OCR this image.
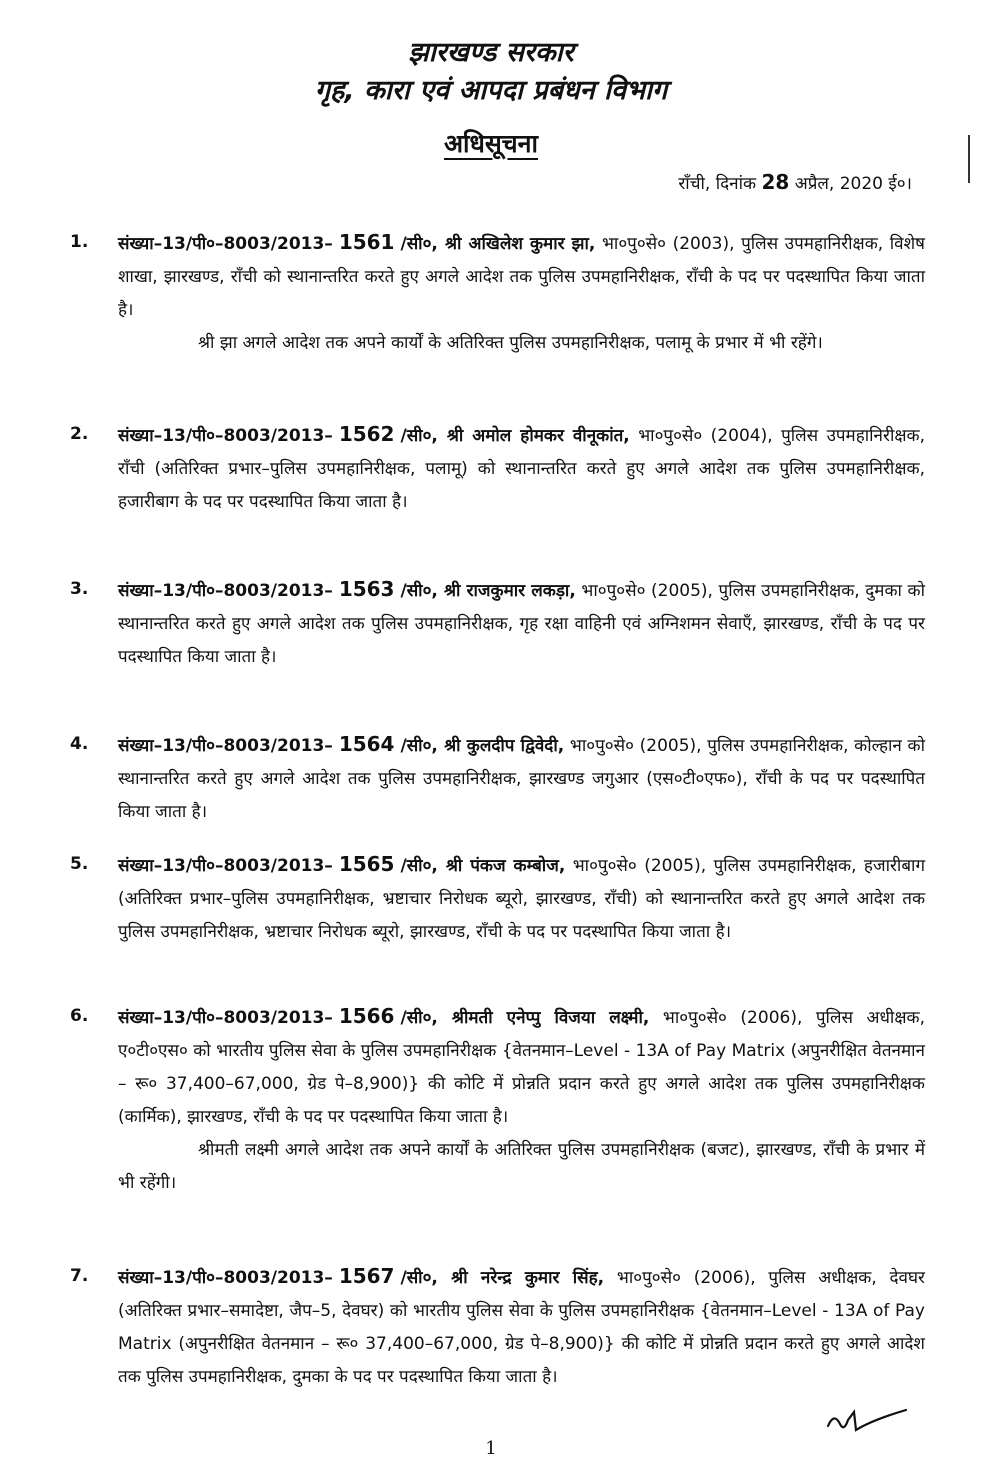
झारखण्ड सरकार
गृह, कारा एवं आपदा प्रबंधन विभाग
अधिसूचना
राँची, दिनांक 28 अप्रैल, 2020 ई०।
1. संख्या–13/पी०–8003/2013– 1561 /सी०, श्री अखिलेश कुमार झा, भा०पु०से० (2003), पुलिस उपमहानिरीक्षक, विशेष शाखा, झारखण्ड, राँची को स्थानान्तरित करते हुए अगले आदेश तक पुलिस उपमहानिरीक्षक, राँची के पद पर पदस्थापित किया जाता है।

श्री झा अगले आदेश तक अपने कार्यों के अतिरिक्त पुलिस उपमहानिरीक्षक, पलामू के प्रभार में भी रहेंगे।

2. संख्या–13/पी०–8003/2013– 1562 /सी०, श्री अमोल होमकर वीनूकांत, भा०पु०से० (2004), पुलिस उपमहानिरीक्षक, राँची (अतिरिक्त प्रभार–पुलिस उपमहानिरीक्षक, पलामू) को स्थानान्तरित करते हुए अगले आदेश तक पुलिस उपमहानिरीक्षक, हजारीबाग के पद पर पदस्थापित किया जाता है।

3. संख्या–13/पी०–8003/2013– 1563 /सी०, श्री राजकुमार लकड़ा, भा०पु०से० (2005), पुलिस उपमहानिरीक्षक, दुमका को स्थानान्तरित करते हुए अगले आदेश तक पुलिस उपमहानिरीक्षक, गृह रक्षा वाहिनी एवं अग्निशमन सेवाएँ, झारखण्ड, राँची के पद पर पदस्थापित किया जाता है।

4. संख्या–13/पी०–8003/2013– 1564 /सी०, श्री कुलदीप द्विवेदी, भा०पु०से० (2005), पुलिस उपमहानिरीक्षक, कोल्हान को स्थानान्तरित करते हुए अगले आदेश तक पुलिस उपमहानिरीक्षक, झारखण्ड जगुआर (एस०टी०एफ०), राँची के पद पर पदस्थापित किया जाता है।

5. संख्या–13/पी०–8003/2013– 1565 /सी०, श्री पंकज कम्बोज, भा०पु०से० (2005), पुलिस उपमहानिरीक्षक, हजारीबाग (अतिरिक्त प्रभार–पुलिस उपमहानिरीक्षक, भ्रष्टाचार निरोधक ब्यूरो, झारखण्ड, राँची) को स्थानान्तरित करते हुए अगले आदेश तक पुलिस उपमहानिरीक्षक, भ्रष्टाचार निरोधक ब्यूरो, झारखण्ड, राँची के पद पर पदस्थापित किया जाता है।

6. संख्या–13/पी०–8003/2013– 1566 /सी०, श्रीमती एनेप्पु विजया लक्ष्मी, भा०पु०से० (2006), पुलिस अधीक्षक, ए०टी०एस० को भारतीय पुलिस सेवा के पुलिस उपमहानिरीक्षक {वेतनमान–Level - 13A of Pay Matrix (अपुनरीक्षित वेतनमान – रू० 37,400–67,000, ग्रेड पे–8,900)} की कोटि में प्रोन्नति प्रदान करते हुए अगले आदेश तक पुलिस उपमहानिरीक्षक (कार्मिक), झारखण्ड, राँची के पद पर पदस्थापित किया जाता है।

श्रीमती लक्ष्मी अगले आदेश तक अपने कार्यों के अतिरिक्त पुलिस उपमहानिरीक्षक (बजट), झारखण्ड, राँची के प्रभार में भी रहेंगी।

7. संख्या–13/पी०–8003/2013– 1567 /सी०, श्री नरेन्द्र कुमार सिंह, भा०पु०से० (2006), पुलिस अधीक्षक, देवघर (अतिरिक्त प्रभार–समादेष्टा, जैप–5, देवघर) को भारतीय पुलिस सेवा के पुलिस उपमहानिरीक्षक {वेतनमान–Level - 13A of Pay Matrix (अपुनरीक्षित वेतनमान – रू० 37,400–67,000, ग्रेड पे–8,900)} की कोटि में प्रोन्नति प्रदान करते हुए अगले आदेश तक पुलिस उपमहानिरीक्षक, दुमका के पद पर पदस्थापित किया जाता है।

1
